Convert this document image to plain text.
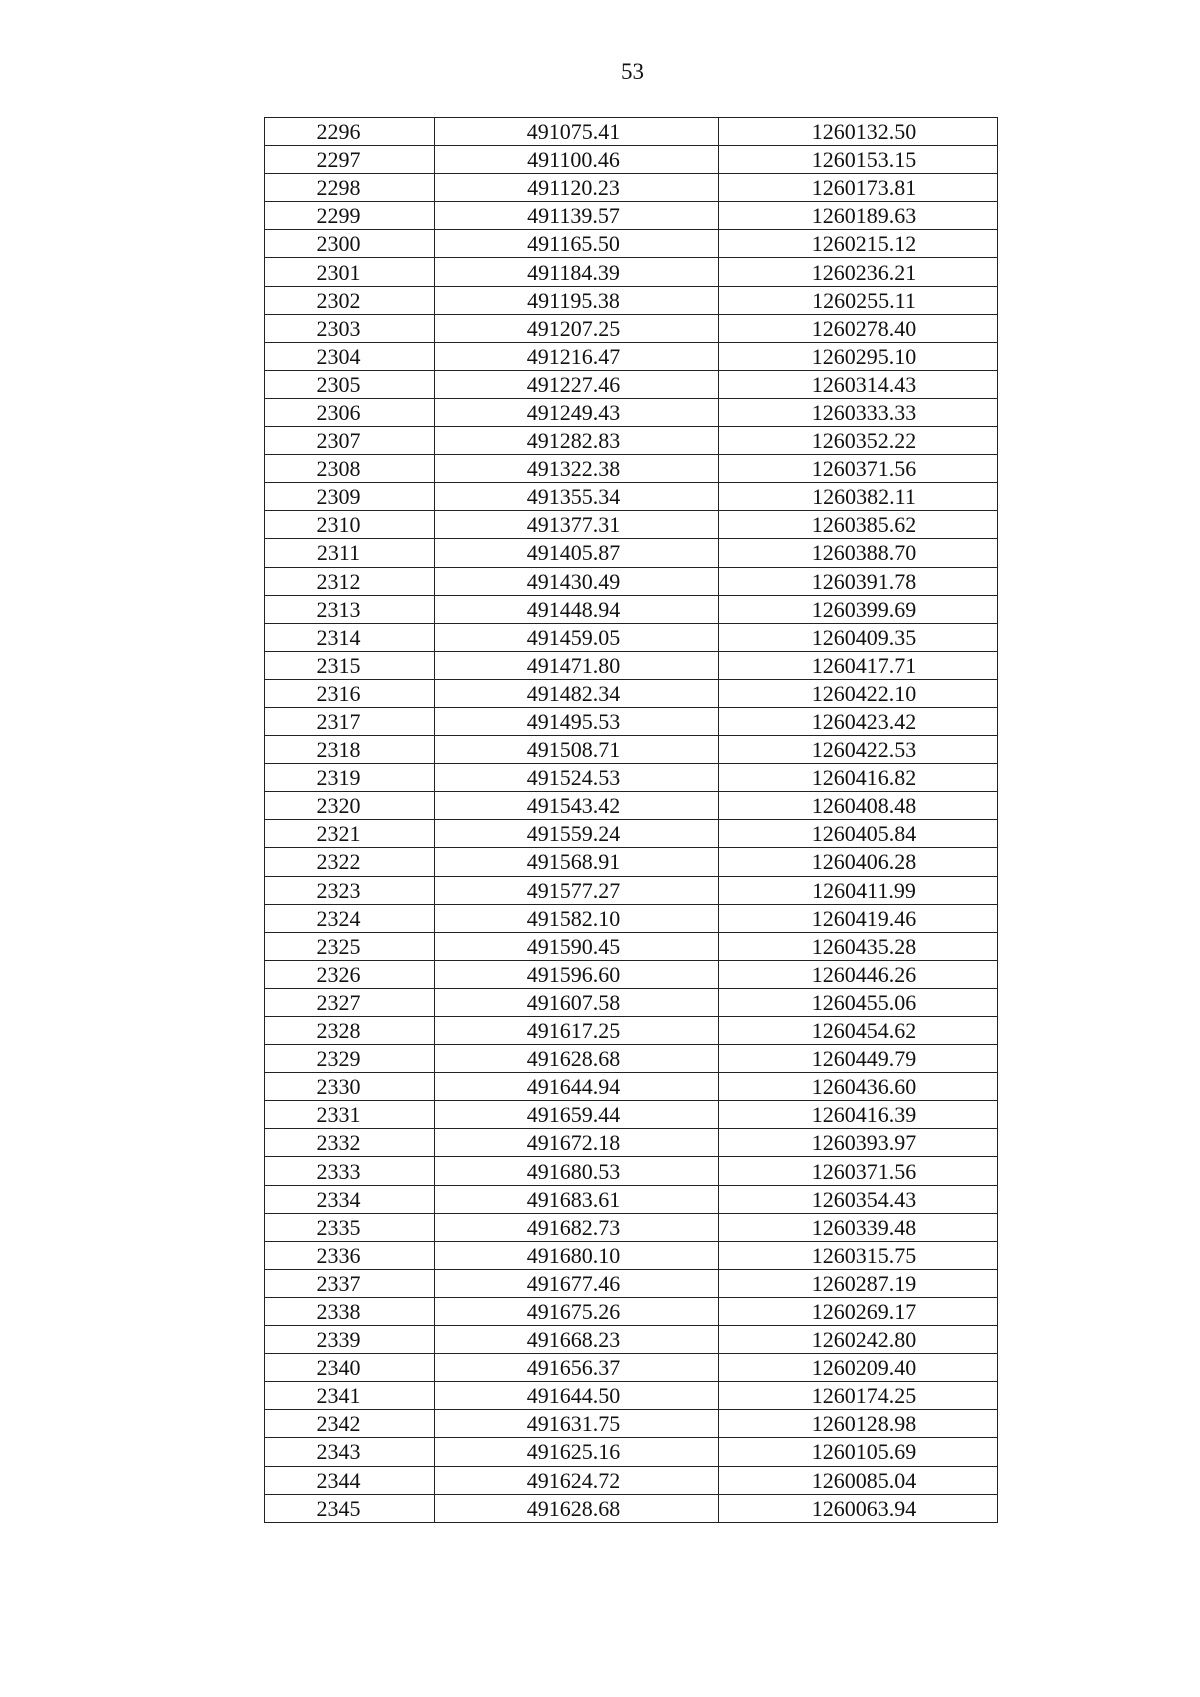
53
2296	491075.41	1260132.50
2297	491100.46	1260153.15
2298	491120.23	1260173.81
2299	491139.57	1260189.63
2300	491165.50	1260215.12
2301	491184.39	1260236.21
2302	491195.38	1260255.11
2303	491207.25	1260278.40
2304	491216.47	1260295.10
2305	491227.46	1260314.43
2306	491249.43	1260333.33
2307	491282.83	1260352.22
2308	491322.38	1260371.56
2309	491355.34	1260382.11
2310	491377.31	1260385.62
2311	491405.87	1260388.70
2312	491430.49	1260391.78
2313	491448.94	1260399.69
2314	491459.05	1260409.35
2315	491471.80	1260417.71
2316	491482.34	1260422.10
2317	491495.53	1260423.42
2318	491508.71	1260422.53
2319	491524.53	1260416.82
2320	491543.42	1260408.48
2321	491559.24	1260405.84
2322	491568.91	1260406.28
2323	491577.27	1260411.99
2324	491582.10	1260419.46
2325	491590.45	1260435.28
2326	491596.60	1260446.26
2327	491607.58	1260455.06
2328	491617.25	1260454.62
2329	491628.68	1260449.79
2330	491644.94	1260436.60
2331	491659.44	1260416.39
2332	491672.18	1260393.97
2333	491680.53	1260371.56
2334	491683.61	1260354.43
2335	491682.73	1260339.48
2336	491680.10	1260315.75
2337	491677.46	1260287.19
2338	491675.26	1260269.17
2339	491668.23	1260242.80
2340	491656.37	1260209.40
2341	491644.50	1260174.25
2342	491631.75	1260128.98
2343	491625.16	1260105.69
2344	491624.72	1260085.04
2345	491628.68	1260063.94
